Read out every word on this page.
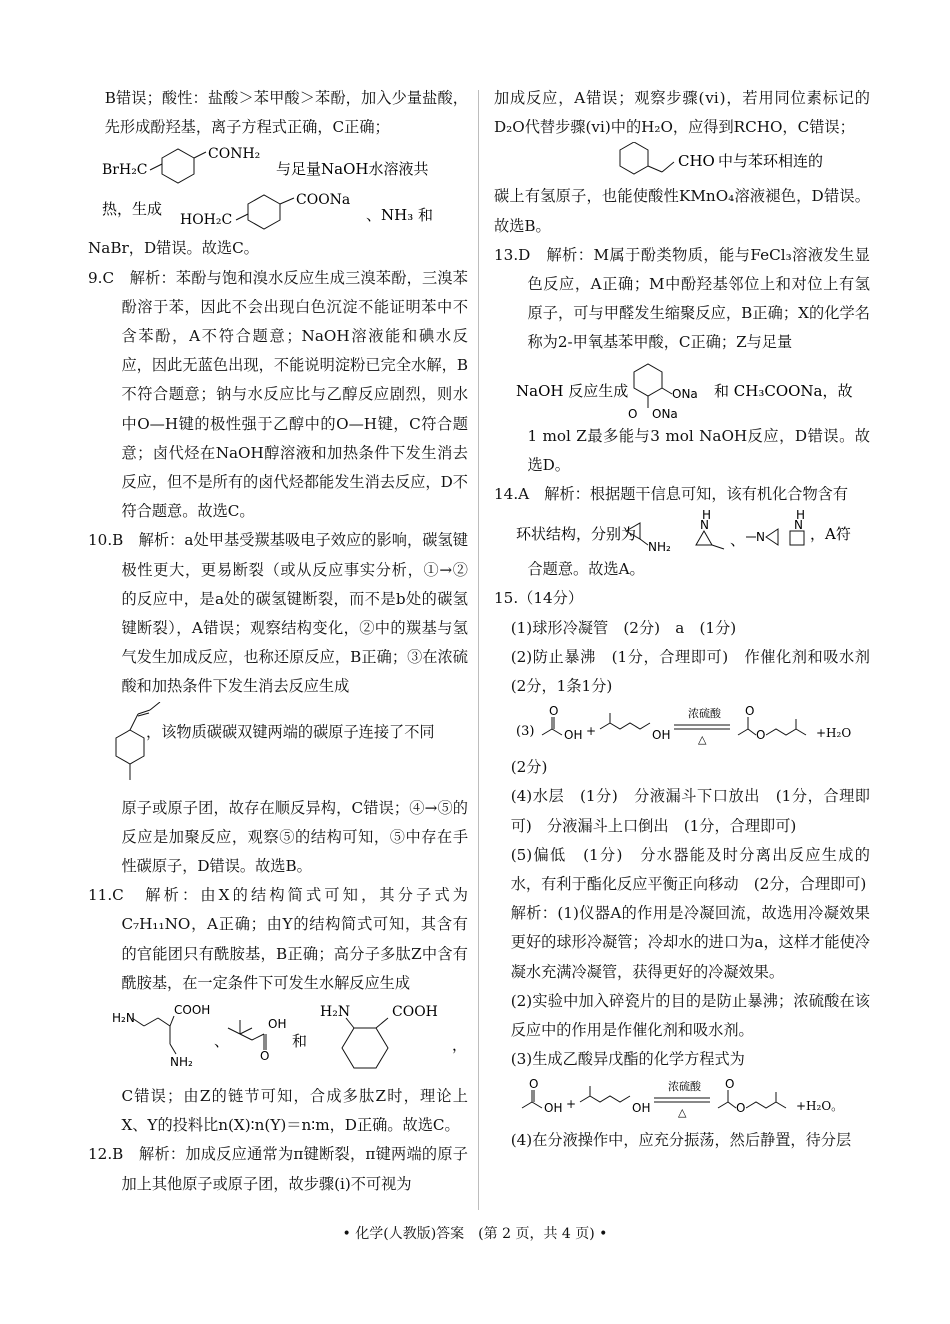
B错误；酸性：盐酸＞苯甲酸＞苯酚，加入少量盐酸，先形成酚羟基，离子方程式正确，C正确；

BrH₂C
CONH₂
与足量NaOH水溶液共
热，生成
HOH₂C
COONa
、NH₃ 和

NaBr，D错误。故选C。

9.C　解析：苯酚与饱和溴水反应生成三溴苯酚，三溴苯酚溶于苯，因此不会出现白色沉淀不能证明苯中不含苯酚，A不符合题意；NaOH溶液能和碘水反应，因此无蓝色出现，不能说明淀粉已完全水解，B不符合题意；钠与水反应比与乙醇反应剧烈，则水中O—H键的极性强于乙醇中的O—H键，C符合题意；卤代烃在NaOH醇溶液和加热条件下发生消去反应，但不是所有的卤代烃都能发生消去反应，D不符合题意。故选C。

10.B　解析：a处甲基受羰基吸电子效应的影响，碳氢键极性更大，更易断裂（或从反应事实分析，①→②的反应中，是a处的碳氢键断裂，而不是b处的碳氢键断裂），A错误；观察结构变化，②中的羰基与氢气发生加成反应，也称还原反应，B正确；③在浓硫酸和加热条件下发生消去反应生成

，该物质碳碳双键两端的碳原子连接了不同

原子或原子团，故存在顺反异构，C错误；④→⑤的反应是加聚反应，观察⑤的结构可知，⑤中存在手性碳原子，D错误。故选B。

11.C　解析：由X的结构简式可知，其分子式为C₇H₁₁NO，A正确；由Y的结构简式可知，其含有的官能团只有酰胺基，B正确；高分子多肽Z中含有酰胺基，在一定条件下可发生水解反应生成

H₂N
COOH
NH₂
、
O
OH
和
H₂N	COOH
，

C错误；由Z的链节可知，合成多肽Z时，理论上X、Y的投料比n(X)∶n(Y)＝n∶m，D正确。故选C。

12.B　解析：加成反应通常为π键断裂，π键两端的原子加上其他原子或原子团，故步骤(ⅰ)不可视为

加成反应，A错误；观察步骤(ⅵ)，若用同位素标记的D₂O代替步骤(ⅵ)中的H₂O，应得到RCHO，C错误；

CHO 中与苯环相连的

碳上有氢原子，也能使酸性KMnO₄溶液褪色，D错误。故选B。

13.D　解析：M属于酚类物质，能与FeCl₃溶液发生显色反应，A正确；M中酚羟基邻位上和对位上有氢原子，可与甲醛发生缩聚反应，B正确；X的化学名称为2-甲氧基苯甲酸，C正确；Z与足量

NaOH 反应生成	ONa
O ONa
和 CH₃COONa，故

1 mol Z最多能与3 mol NaOH反应，D错误。故选D。

14.A　解析：根据题干信息可知，该有机化合物含有

环状结构，分别为
NH₂
H
N
、 N
H
N ，A符

合题意。故选A。

15.（14分）

(1)球形冷凝管　(2分)　a　(1分)

(2)防止暴沸　(1分，合理即可)　作催化剂和吸水剂　(2分，1条1分)

(3)
O
OH +	OH
浓硫酸
△
O
O	+H₂O

(2分)

(4)水层　(1分)　分液漏斗下口放出　(1分，合理即可)　分液漏斗上口倒出　(1分，合理即可)

(5)偏低　(1分)　分水器能及时分离出反应生成的水，有利于酯化反应平衡正向移动　(2分，合理即可)

解析：(1)仪器A的作用是冷凝回流，故选用冷凝效果更好的球形冷凝管；冷却水的进口为a，这样才能使冷凝水充满冷凝管，获得更好的冷凝效果。

(2)实验中加入碎瓷片的目的是防止暴沸；浓硫酸在该反应中的作用是作催化剂和吸水剂。

(3)生成乙酸异戊酯的化学方程式为

O
OH +	OH
浓硫酸
△
O
O	+H₂O。

(4)在分液操作中，应充分振荡，然后静置，待分层

• 化学(人教版)答案　(第 2 页，共 4 页) •
